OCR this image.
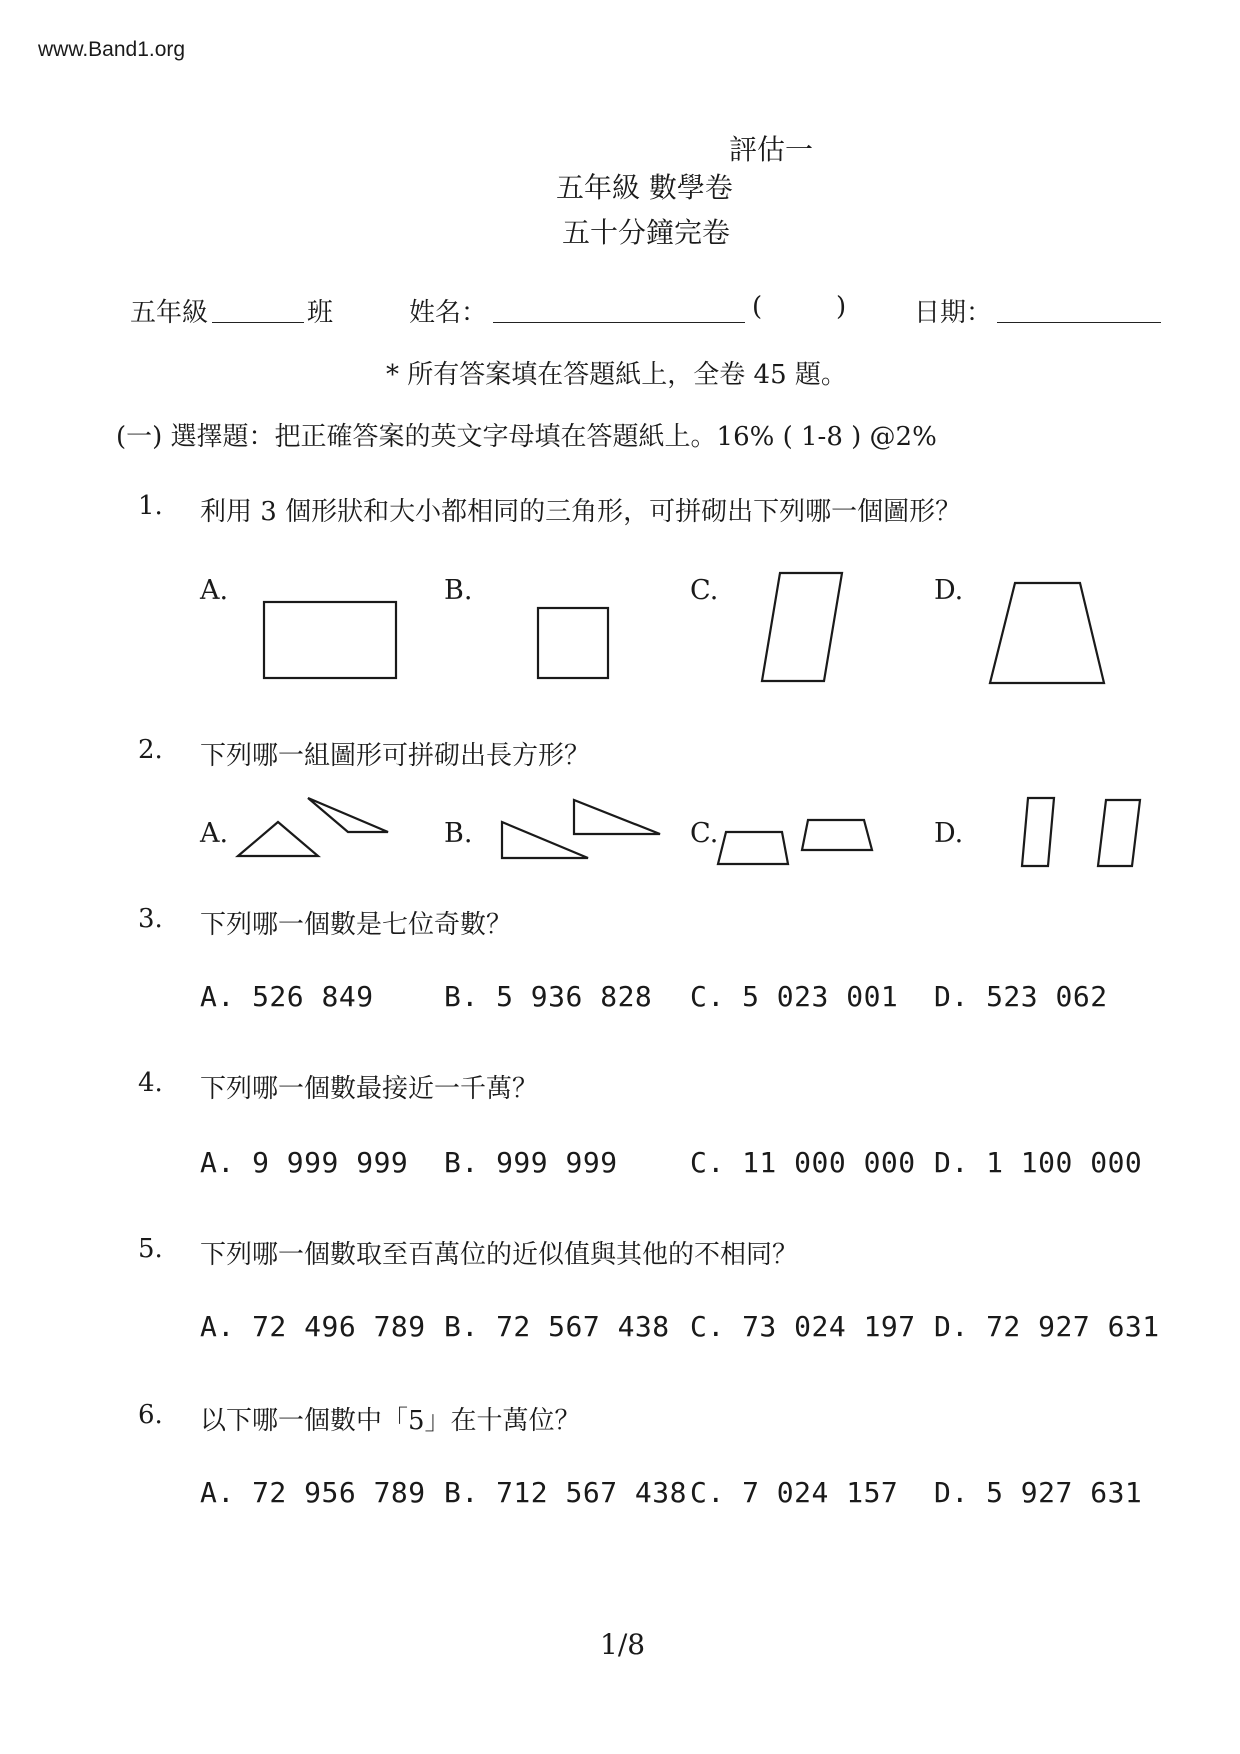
www.Band1.org
評估一
五年級 數學卷
五十分鐘完卷
五年級	班	姓名：	(	)	日期：
* 所有答案填在答題紙上，全卷 45 題。
(一) 選擇題：把正確答案的英文字母填在答題紙上。16% ( 1-8 ) @2%
1. 利用 3 個形狀和大小都相同的三角形，可拼砌出下列哪一個圖形？
A.	B.	C.	D.
2. 下列哪一組圖形可拼砌出長方形？
A.	B.	C.	D.
3. 下列哪一個數是七位奇數？
A. 526 849	B. 5 936 828 C. 5 023 001 D. 523 062
4. 下列哪一個數最接近一千萬？
A. 9 999 999 B. 999 999	C. 11 000 000 D. 1 100 000
5. 下列哪一個數取至百萬位的近似值與其他的不相同？
A. 72 496 789 B. 72 567 438 C. 73 024 197 D. 72 927 631
6. 以下哪一個數中「5」在十萬位？
A. 72 956 789 B. 712 567 438 C. 7 024 157 D. 5 927 631
1/8
